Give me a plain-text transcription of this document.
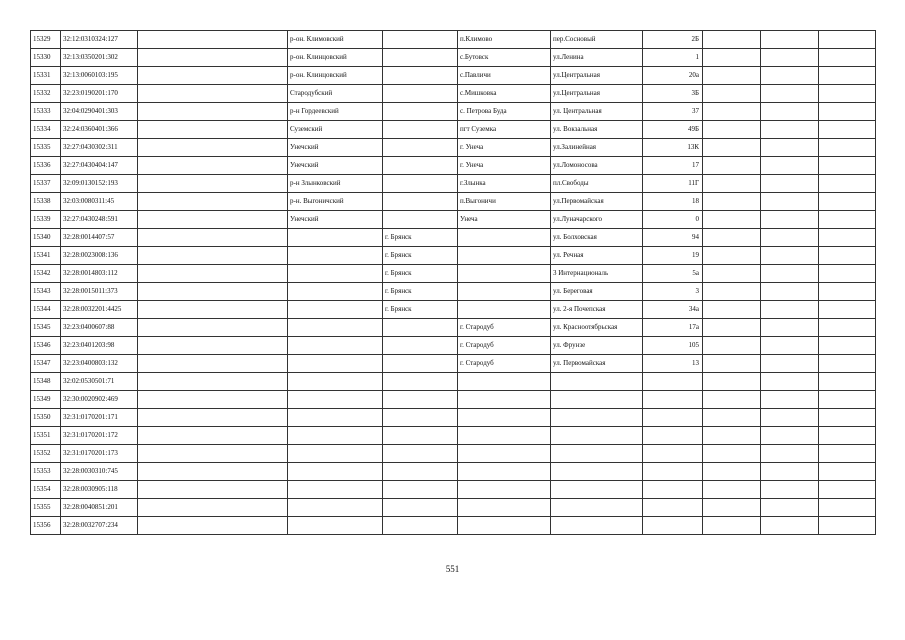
15329	32:12:0310324:127		р-он. Климовский		п.Климово	пер.Сосновый	2Б			
15330	32:13:0350201:302		р-он. Клинцовский		с.Бутовск	ул.Ленина	1			
15331	32:13:0060103:195		р-он. Клинцовский		с.Павличи	ул.Центральная	20а			
15332	32:23:0190201:170		Стародубский		с.Мишковка	ул.Центральная	3Б			
15333	32:04:0290401:303		р-н Гордеевский		с. Петрова Буда	ул. Центральная	37			
15334	32:24:0360401:366		Суземский		пгт Суземка	ул. Вокзальная	49Б			
15335	32:27:0430302:311		Унечский		г. Унеча	ул.Залинейная	13К			
15336	32:27:0430404:147		Унечский		г. Унеча	ул.Ломоносова	17			
15337	32:09:0130152:193		р-н Злынковский		г.Злынка	пл.Свободы	11Г			
15338	32:03:0080311:45		р-н. Выгоничский		п.Выгоничи	ул.Первомайская	18			
15339	32:27:0430248:591		Унечский		Унеча	ул.Луначарского	0			
15340	32:28:0014407:57			г. Брянск		ул. Болховская	94			
15341	32:28:0023008:136			г. Брянск		ул. Речная	19			
15342	32:28:0014803:112			г. Брянск		3 Интернациональ	5а			
15343	32:28:0015011:373			г. Брянск		ул. Береговая	3			
15344	32:28:0032201:4425			г. Брянск		ул. 2-я Почепская	34а			
15345	32:23:0400607:88				г. Стародуб	ул. Красноотябрьская	17а			
15346	32:23:0401203:98				г. Стародуб	ул. Фрунзе	105			
15347	32:23:0400803:132				г. Стародуб	ул. Первомайская	13			
15348	32:02:0530501:71									
15349	32:30:0020902:469									
15350	32:31:0170201:171									
15351	32:31:0170201:172									
15352	32:31:0170201:173									
15353	32:28:0030310:745									
15354	32:28:0030905:118									
15355	32:28:0040851:201									
15356	32:28:0032707:234									
551
